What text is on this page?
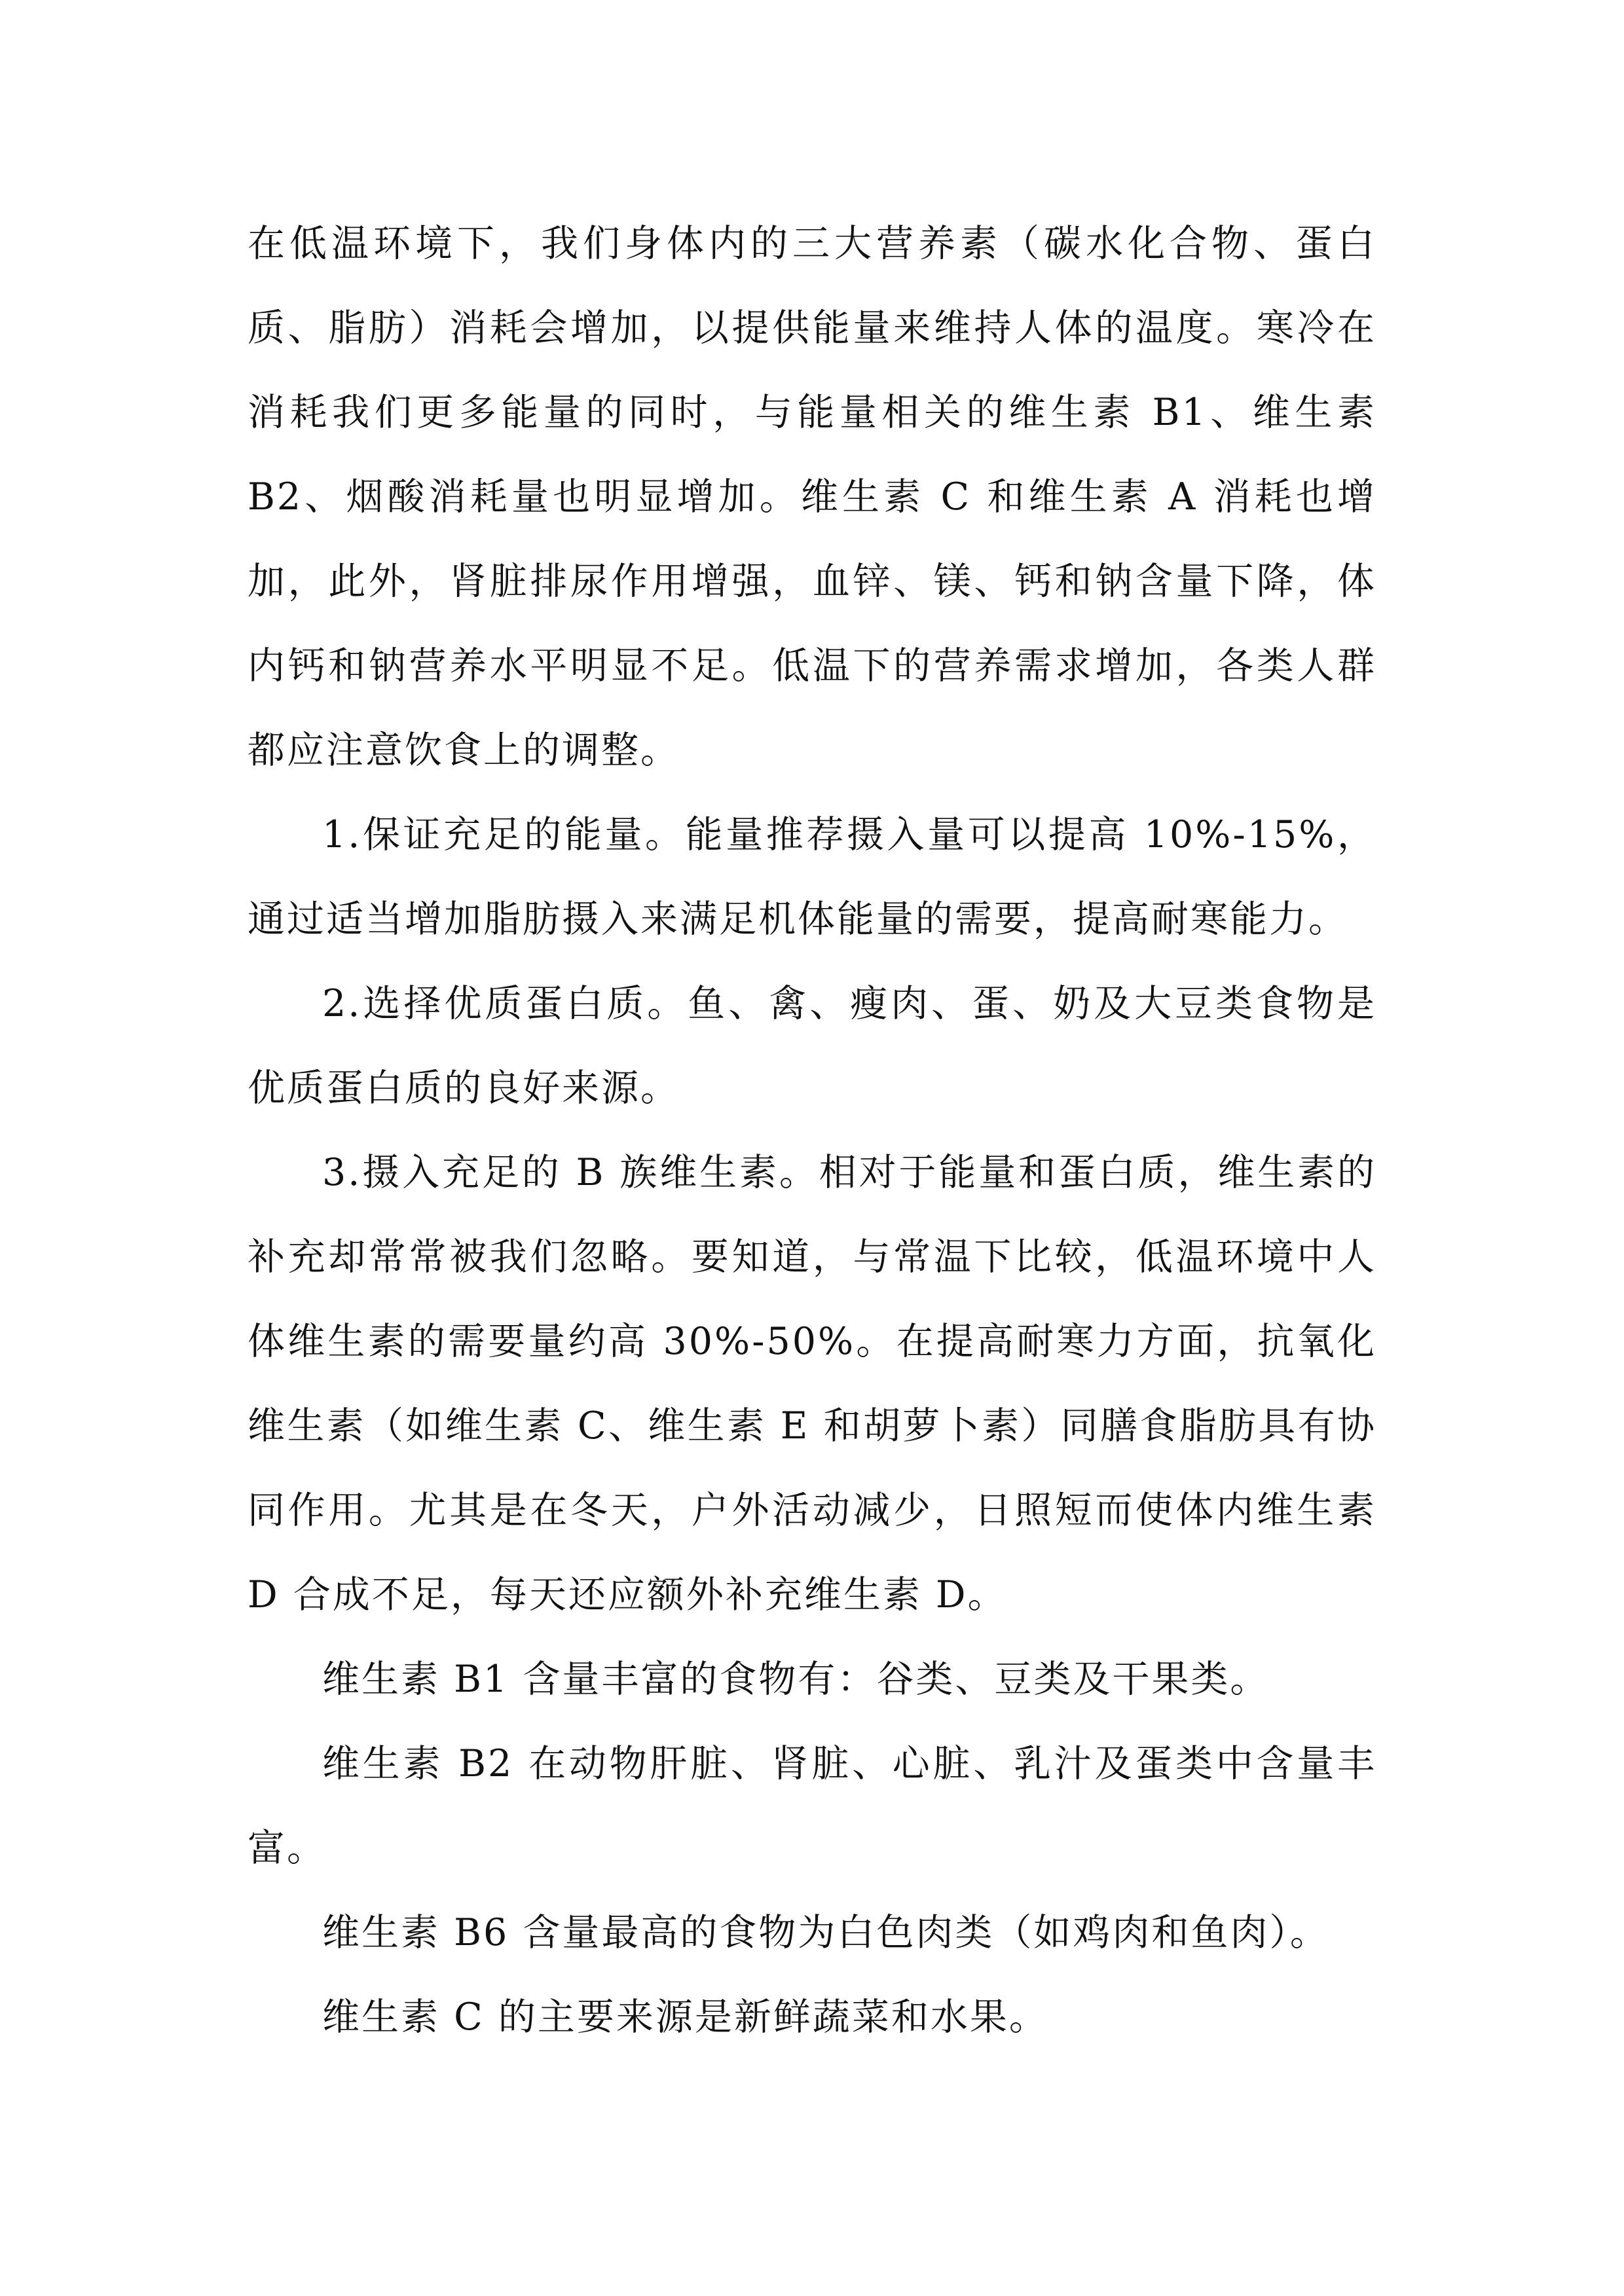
在低温环境下，我们身体内的三大营养素（碳水化合物、蛋白质、脂肪）消耗会增加，以提供能量来维持人体的温度。寒冷在消耗我们更多能量的同时，与能量相关的维生素 B1、维生素 B2、烟酸消耗量也明显增加。维生素 C 和维生素 A 消耗也增加，此外，肾脏排尿作用增强，血锌、镁、钙和钠含量下降，体内钙和钠营养水平明显不足。低温下的营养需求增加，各类人群都应注意饮食上的调整。

1.保证充足的能量。能量推荐摄入量可以提高 10%-15%，通过适当增加脂肪摄入来满足机体能量的需要，提高耐寒能力。

2.选择优质蛋白质。鱼、禽、瘦肉、蛋、奶及大豆类食物是优质蛋白质的良好来源。

3.摄入充足的 B 族维生素。相对于能量和蛋白质，维生素的补充却常常被我们忽略。要知道，与常温下比较，低温环境中人体维生素的需要量约高 30%-50%。在提高耐寒力方面，抗氧化维生素（如维生素 C、维生素 E 和胡萝卜素）同膳食脂肪具有协同作用。尤其是在冬天，户外活动减少，日照短而使体内维生素 D 合成不足，每天还应额外补充维生素 D。

维生素 B1 含量丰富的食物有：谷类、豆类及干果类。

维生素 B2 在动物肝脏、肾脏、心脏、乳汁及蛋类中含量丰富。

维生素 B6 含量最高的食物为白色肉类（如鸡肉和鱼肉）。

维生素 C 的主要来源是新鲜蔬菜和水果。
